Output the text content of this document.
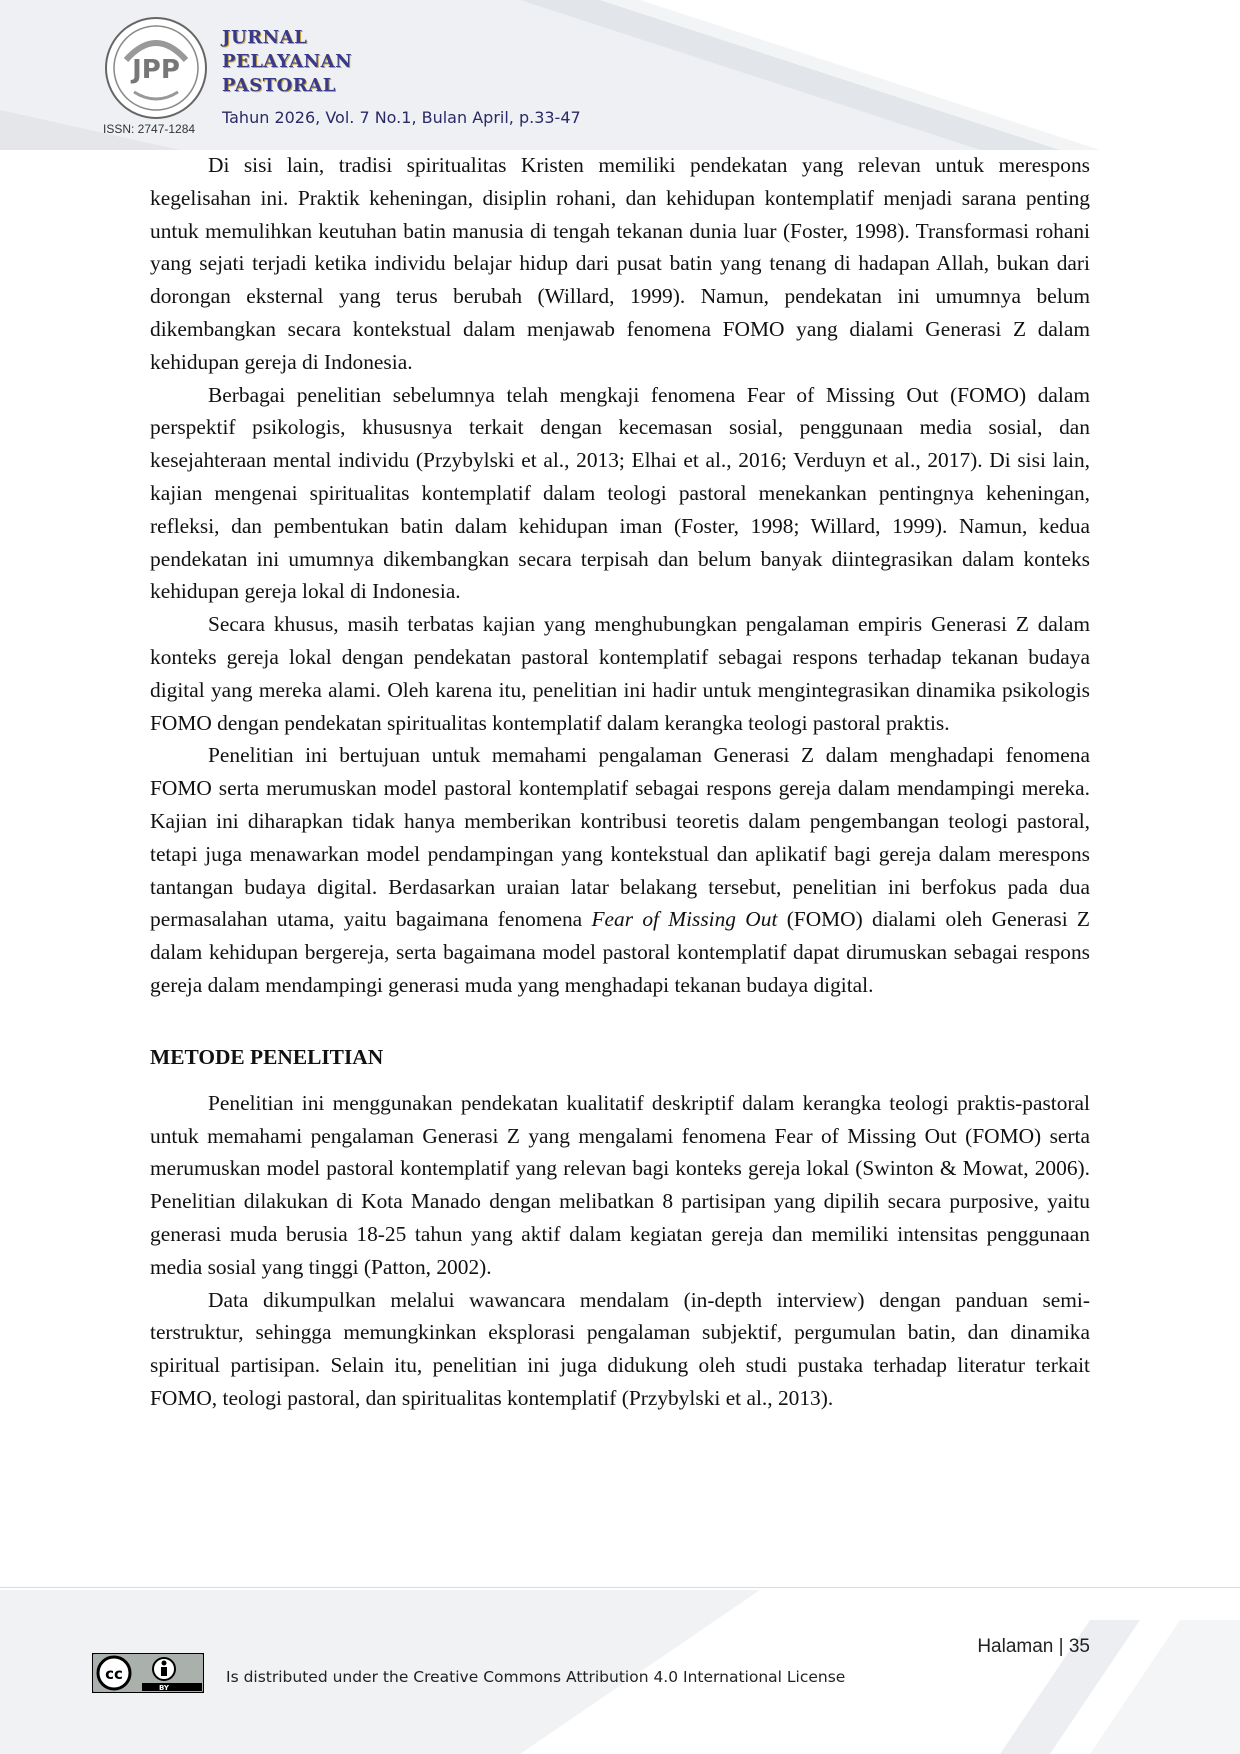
JPP
JURNAL
PELAYANAN
PASTORAL
Tahun 2026, Vol. 7 No.1, Bulan April, p.33-47
ISSN: 2747-1284

Di sisi lain, tradisi spiritualitas Kristen memiliki pendekatan yang relevan untuk merespons kegelisahan ini. Praktik keheningan, disiplin rohani, dan kehidupan kontemplatif menjadi sarana penting untuk memulihkan keutuhan batin manusia di tengah tekanan dunia luar (Foster, 1998). Transformasi rohani yang sejati terjadi ketika individu belajar hidup dari pusat batin yang tenang di hadapan Allah, bukan dari dorongan eksternal yang terus berubah (Willard, 1999). Namun, pendekatan ini umumnya belum dikembangkan secara kontekstual dalam menjawab fenomena FOMO yang dialami Generasi Z dalam kehidupan gereja di Indonesia.

Berbagai penelitian sebelumnya telah mengkaji fenomena Fear of Missing Out (FOMO) dalam perspektif psikologis, khususnya terkait dengan kecemasan sosial, penggunaan media sosial, dan kesejahteraan mental individu (Przybylski et al., 2013; Elhai et al., 2016; Verduyn et al., 2017). Di sisi lain, kajian mengenai spiritualitas kontemplatif dalam teologi pastoral menekankan pentingnya keheningan, refleksi, dan pembentukan batin dalam kehidupan iman (Foster, 1998; Willard, 1999). Namun, kedua pendekatan ini umumnya dikembangkan secara terpisah dan belum banyak diintegrasikan dalam konteks kehidupan gereja lokal di Indonesia.

Secara khusus, masih terbatas kajian yang menghubungkan pengalaman empiris Generasi Z dalam konteks gereja lokal dengan pendekatan pastoral kontemplatif sebagai respons terhadap tekanan budaya digital yang mereka alami. Oleh karena itu, penelitian ini hadir untuk mengintegrasikan dinamika psikologis FOMO dengan pendekatan spiritualitas kontemplatif dalam kerangka teologi pastoral praktis.

Penelitian ini bertujuan untuk memahami pengalaman Generasi Z dalam menghadapi fenomena FOMO serta merumuskan model pastoral kontemplatif sebagai respons gereja dalam mendampingi mereka. Kajian ini diharapkan tidak hanya memberikan kontribusi teoretis dalam pengembangan teologi pastoral, tetapi juga menawarkan model pendampingan yang kontekstual dan aplikatif bagi gereja dalam merespons tantangan budaya digital. Berdasarkan uraian latar belakang tersebut, penelitian ini berfokus pada dua permasalahan utama, yaitu bagaimana fenomena Fear of Missing Out (FOMO) dialami oleh Generasi Z dalam kehidupan bergereja, serta bagaimana model pastoral kontemplatif dapat dirumuskan sebagai respons gereja dalam mendampingi generasi muda yang menghadapi tekanan budaya digital.

METODE PENELITIAN

Penelitian ini menggunakan pendekatan kualitatif deskriptif dalam kerangka teologi praktis-pastoral untuk memahami pengalaman Generasi Z yang mengalami fenomena Fear of Missing Out (FOMO) serta merumuskan model pastoral kontemplatif yang relevan bagi konteks gereja lokal (Swinton & Mowat, 2006). Penelitian dilakukan di Kota Manado dengan melibatkan 8 partisipan yang dipilih secara purposive, yaitu generasi muda berusia 18-25 tahun yang aktif dalam kegiatan gereja dan memiliki intensitas penggunaan media sosial yang tinggi (Patton, 2002).

Data dikumpulkan melalui wawancara mendalam (in-depth interview) dengan panduan semi-terstruktur, sehingga memungkinkan eksplorasi pengalaman subjektif, pergumulan batin, dan dinamika spiritual partisipan. Selain itu, penelitian ini juga didukung oleh studi pustaka terhadap literatur terkait FOMO, teologi pastoral, dan spiritualitas kontemplatif (Przybylski et al., 2013).

Halaman | 35
cc
BY
Is distributed under the Creative Commons Attribution 4.0 International License
